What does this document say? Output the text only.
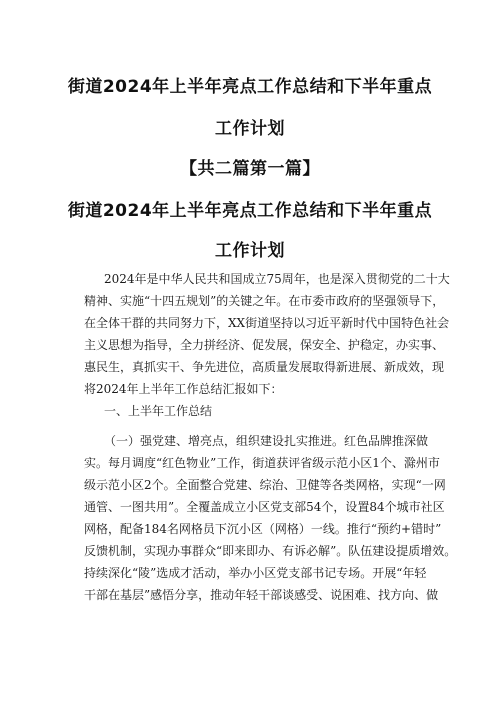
街道2024年上半年亮点工作总结和下半年重点
工作计划
【共二篇第一篇】
街道2024年上半年亮点工作总结和下半年重点
工作计划
2024年是中华人民共和国成立75周年，也是深入贯彻党的二十大
精神、实施“十四五规划”的关键之年。在市委市政府的坚强领导下，
在全体干群的共同努力下，XX街道坚持以习近平新时代中国特色社会
主义思想为指导，全力拼经济、促发展，保安全、护稳定，办实事、
惠民生，真抓实干、争先进位，高质量发展取得新进展、新成效，现
将2024年上半年工作总结汇报如下：
一、上半年工作总结
（一）强党建、增亮点，组织建设扎实推进。红色品牌推深做
实。每月调度“红色物业”工作，街道获评省级示范小区1个、滁州市
级示范小区2个。全面整合党建、综治、卫健等各类网格，实现“一网
通管、一图共用”。全覆盖成立小区党支部54个，设置84个城市社区
网格，配备184名网格员下沉小区（网格）一线。推行“预约+错时”
反馈机制，实现办事群众“即来即办、有诉必解”。队伍建设提质增效。
持续深化“陵”选成才活动，举办小区党支部书记专场。开展“年轻
干部在基层”感悟分享，推动年轻干部谈感受、说困难、找方向、做
